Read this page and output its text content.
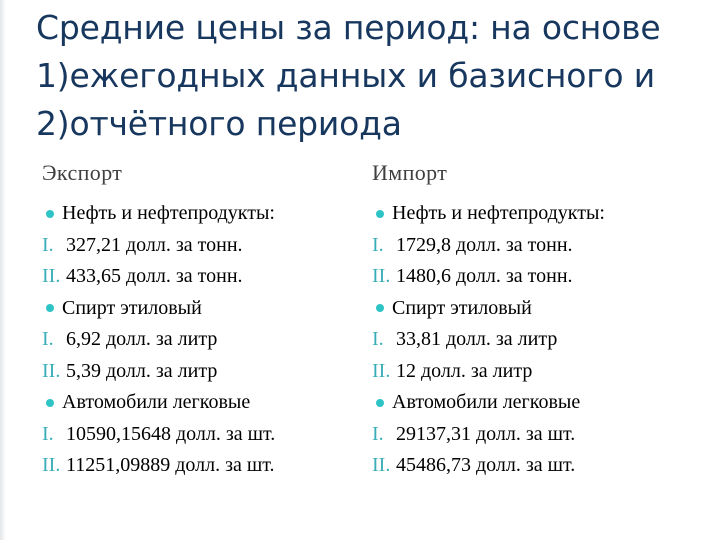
Средние цены за период: на основе
1)ежегодных данных и базисного и
2)отчётного периода
Экспорт
Нефть и нефтепродукты:
I. 327,21 долл. за тонн.
II. 433,65 долл. за тонн.
Спирт этиловый
I. 6,92 долл. за литр
II. 5,39 долл. за литр
Автомобили легковые
I. 10590,15648 долл. за шт.
II. 11251,09889 долл. за шт.
Импорт
Нефть и нефтепродукты:
I. 1729,8 долл. за тонн.
II. 1480,6 долл. за тонн.
Спирт этиловый
I. 33,81 долл. за литр
II. 12 долл. за литр
Автомобили легковые
I. 29137,31 долл. за шт.
II. 45486,73 долл. за шт.
